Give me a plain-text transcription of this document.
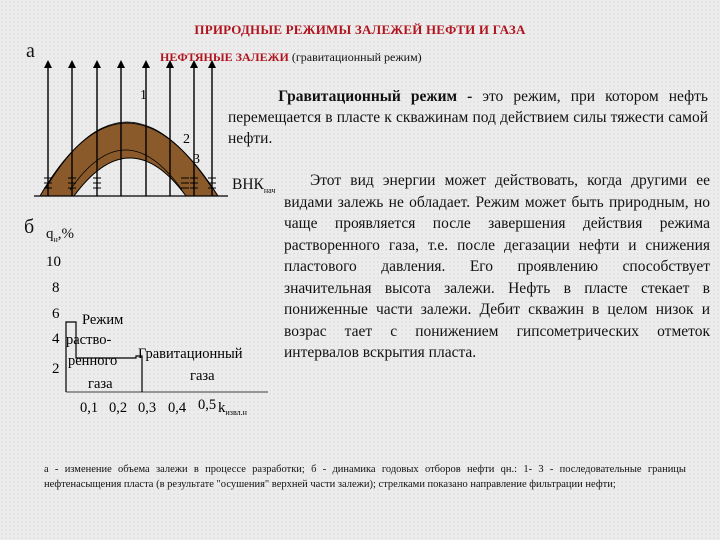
ПРИРОДНЫЕ РЕЖИМЫ ЗАЛЕЖЕЙ НЕФТИ И ГАЗА
НЕФТЯНЫЕ ЗАЛЕЖИ (гравитационный режим)
а
1
2
3
$ВНК_{нач}$
б $q_н,\%$
10
8
6
4
2
0,1 0,2 0,3 0,4 0,5 $k_{извл.н}$
Режим
раство-
ренного
газа
Гравитационный
газа
Гравитационный режим - это режим, при котором нефть перемещается в пласте к скважинам под действием силы тяжести самой нефти.
Этот вид энергии может действовать, когда другими ее видами залежь не обладает. Режим может быть природным, но чаще проявляется после завершения действия режима растворенного газа, т.е. после дегазации нефти и снижения пластового давления. Его проявлению способствует значительная высота залежи. Нефть в пласте стекает в пониженные части залежи. Дебит скважин в целом низок и возрас тает с понижением гипсометрических отметок интервалов вскрытия пласта.
а - изменение объема залежи в процессе разработки; б - динамика годовых отборов нефти qн.: 1- 3 - последовательные границы нефтенасыщения пласта (в результате "осушения" верхней части залежи); стрелками показано направление фильтрации нефти;
